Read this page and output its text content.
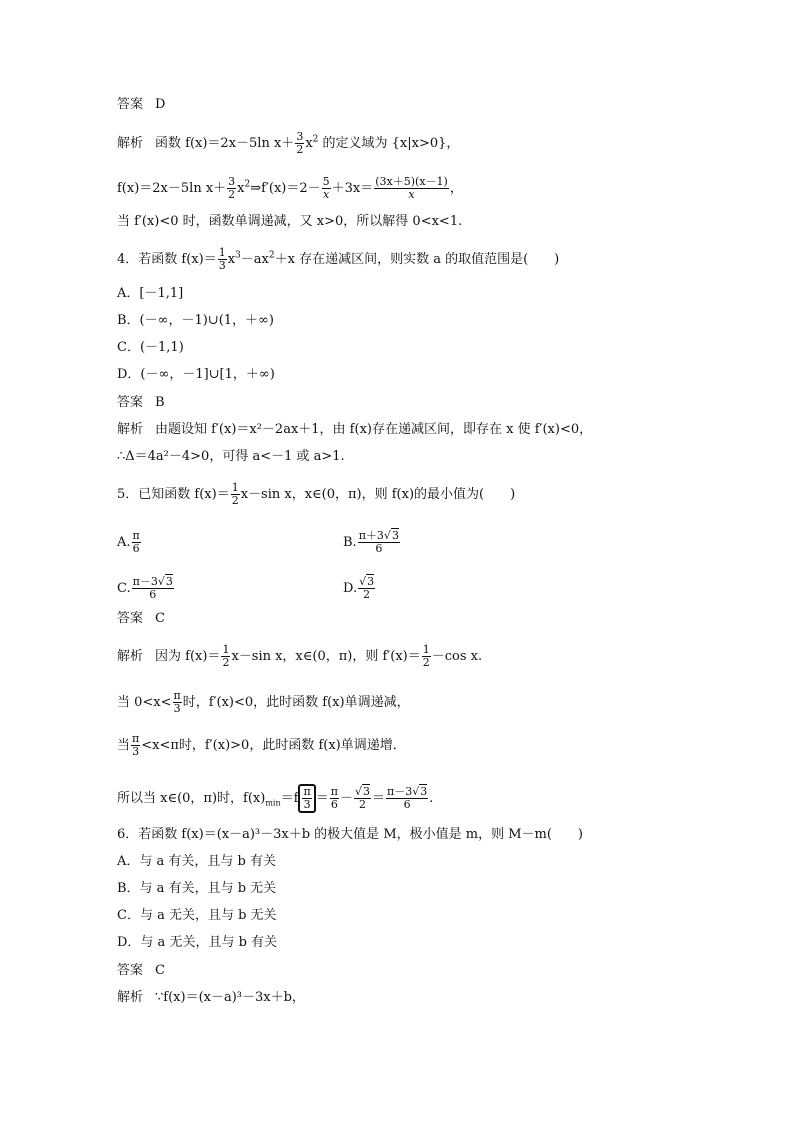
答案 D
解析 函数 f(x)＝2x－5ln $x+ \frac{3}{2} x^2$ 的定义域为 {x|x>0}，
f(x)＝2x－5ln $x+ \frac{3}{2}$ $x^2\Rightarrow f'(x)=2- \frac{5}{x} +3x= \frac{(3x+5)(x-1)}{x}$ ，
当 f′(x)<0 时，函数单调递减，又 x>0，所以解得 0<x<1.
4．若函数 $f(x)= \frac{1}{3} x^3-ax^2+x$ 存在递减区间，则实数 a 的取值范围是(　　)
A．[－1,1]
B．(－∞，－1)∪(1，＋∞)
C．(－1,1)
D．(－∞，－1]∪[1，＋∞)
答案 B
解析 由题设知 f′(x)＝x²－2ax＋1，由 f(x)存在递减区间，即存在 x 使 f′(x)<0，
∴Δ＝4a²－4>0，可得 a<－1 或 a>1.
5．已知函数 $f(x)= \frac{1}{2} x-\sin$ x，x∈(0，π)，则 f(x)的最小值为(　　)
A. $\frac{\pi}{6}$	B. $\frac{\pi+3√3}{6}$
C. $\frac{\pi-3√3}{6}$	D. $\frac{√3}{2}$
答案 C
解析 因为 $f(x)= \frac{1}{2} x-\sin$ x，x∈(0，π)，则 $f'(x)= \frac{1}{2} -\cos$ x.
当 $0<x< \frac{\pi}{3}$ 时，f′(x)<0，此时函数 f(x)单调递减，
当 $\frac{\pi}{3} <x<\pi$时，f′(x)>0，此时函数 f(x)单调递增．
所以当 x∈(0，π)时，$f(x)_{min}=f \frac{\pi}{3} = \frac{\pi}{6} - \frac{√3}{2} = \frac{\pi-3√3}{6}$ .
6．若函数 f(x)＝(x－a)³－3x＋b 的极大值是 M，极小值是 m，则 M－m(　　)
A．与 a 有关，且与 b 有关
B．与 a 有关，且与 b 无关
C．与 a 无关，且与 b 无关
D．与 a 无关，且与 b 有关
答案 C
解析 ∵f(x)＝(x－a)³－3x＋b，
